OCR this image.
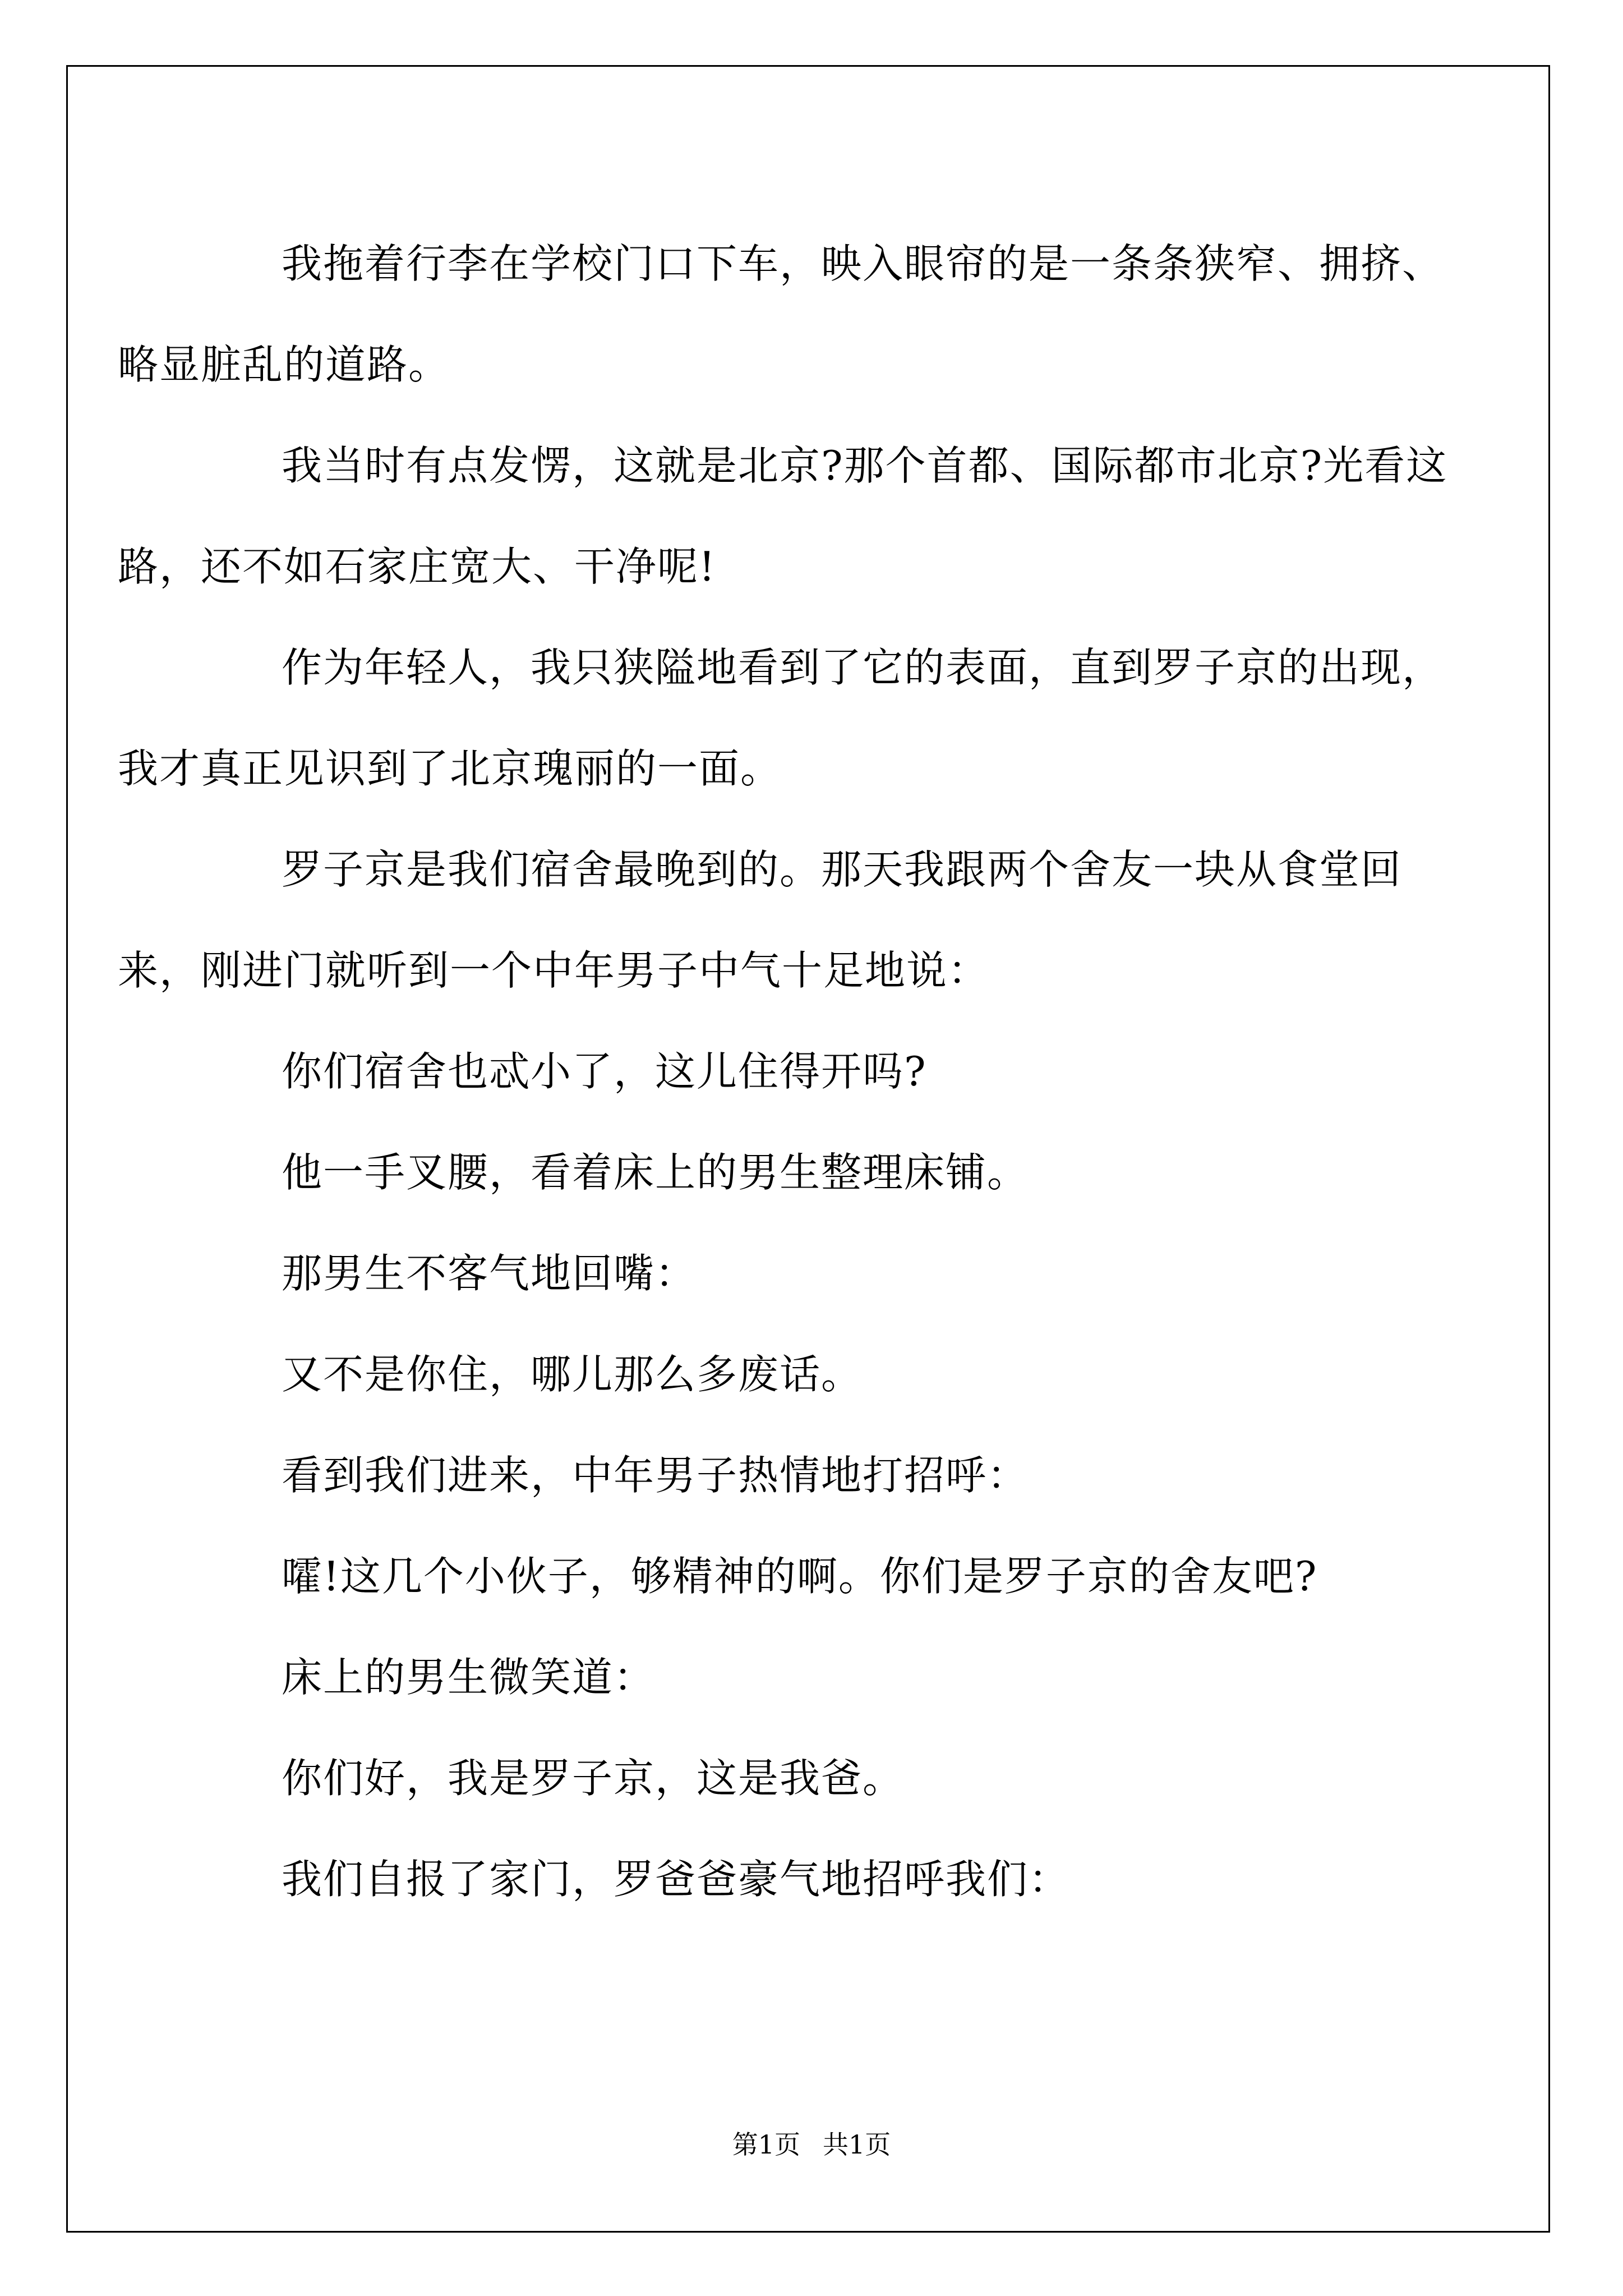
我拖着行李在学校门口下车，映入眼帘的是一条条狭窄、拥挤、略显脏乱的道路。

我当时有点发愣，这就是北京?那个首都、国际都市北京?光看这路，还不如石家庄宽大、干净呢!

作为年轻人，我只狭隘地看到了它的表面，直到罗子京的出现，我才真正见识到了北京瑰丽的一面。

罗子京是我们宿舍最晚到的。那天我跟两个舍友一块从食堂回来，刚进门就听到一个中年男子中气十足地说：

你们宿舍也忒小了，这儿住得开吗?

他一手叉腰，看着床上的男生整理床铺。

那男生不客气地回嘴：

又不是你住，哪儿那么多废话。

看到我们进来，中年男子热情地打招呼：

嚯!这几个小伙子，够精神的啊。你们是罗子京的舍友吧?

床上的男生微笑道：

你们好，我是罗子京，这是我爸。

我们自报了家门，罗爸爸豪气地招呼我们：

第1页 共1页
